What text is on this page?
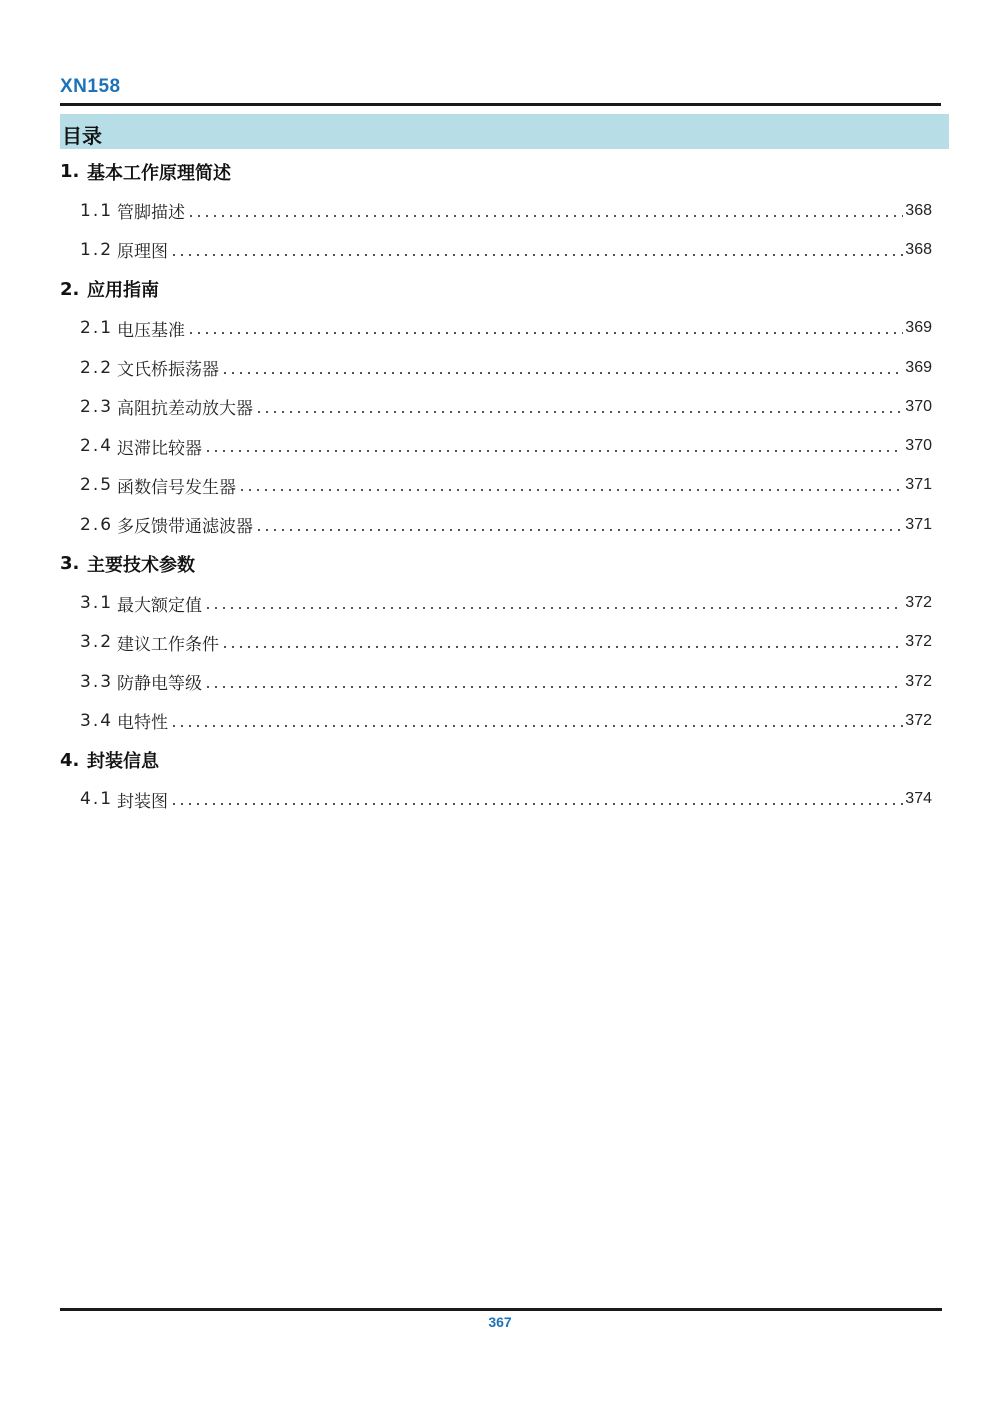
XN158
目录
1. 基本工作原理简述
1.1 管脚描述	368
1.2 原理图	368
2. 应用指南
2.1 电压基准	369
2.2 文氏桥振荡器	369
2.3 高阻抗差动放大器	370
2.4 迟滞比较器	370
2.5 函数信号发生器	371
2.6 多反馈带通滤波器	371
3. 主要技术参数
3.1 最大额定值	372
3.2 建议工作条件	372
3.3 防静电等级	372
3.4 电特性	372
4. 封装信息
4.1 封装图	374
367
